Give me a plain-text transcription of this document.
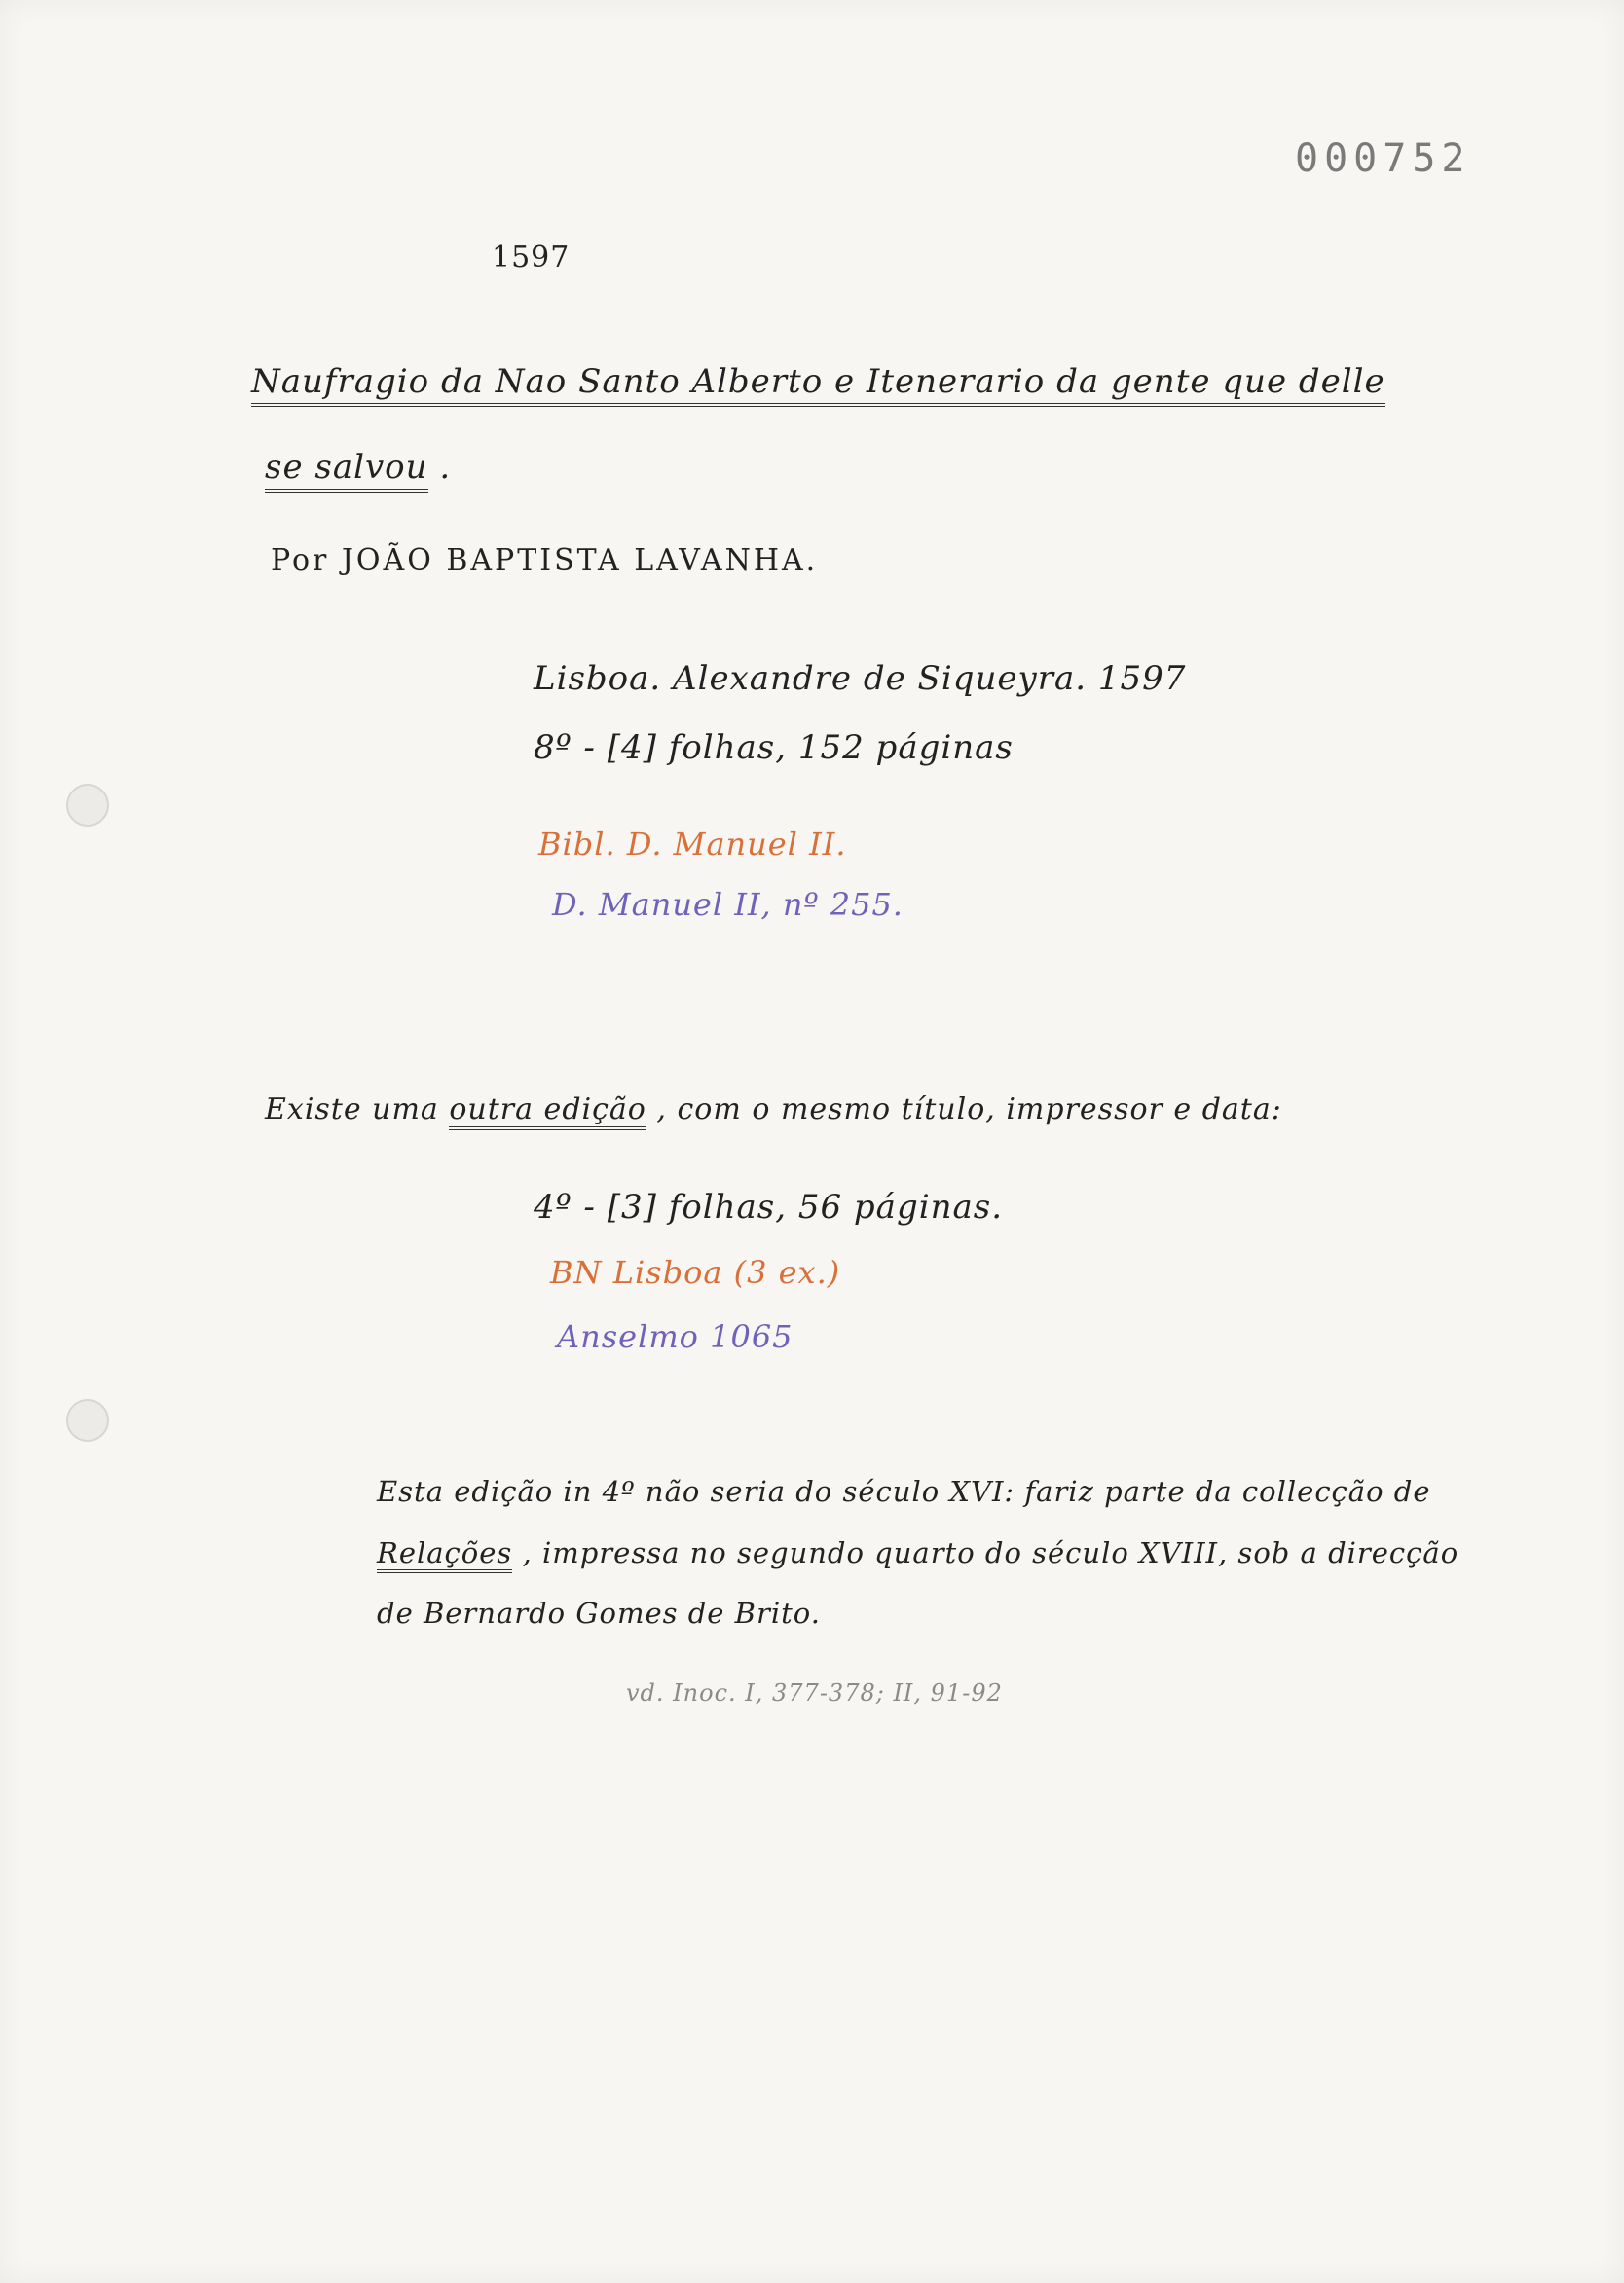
000752
1597
Naufragio da Nao Santo Alberto e Itenerario da gente que delle
se salvou .
Por JOÃO BAPTISTA LAVANHA.
Lisboa. Alexandre de Siqueyra. 1597
8º - [4] folhas, 152 páginas
Bibl. D. Manuel II.
D. Manuel II, nº 255.
Existe uma outra edição , com o mesmo título, impressor e data:
4º - [3] folhas, 56 páginas.
BN Lisboa (3 ex.)
Anselmo 1065
Esta edição in 4º não seria do século XVI: fariz parte da collecção de
Relações , impressa no segundo quarto do século XVIII, sob a direcção
de Bernardo Gomes de Brito.
vd. Inoc. I, 377-378; II, 91-92
